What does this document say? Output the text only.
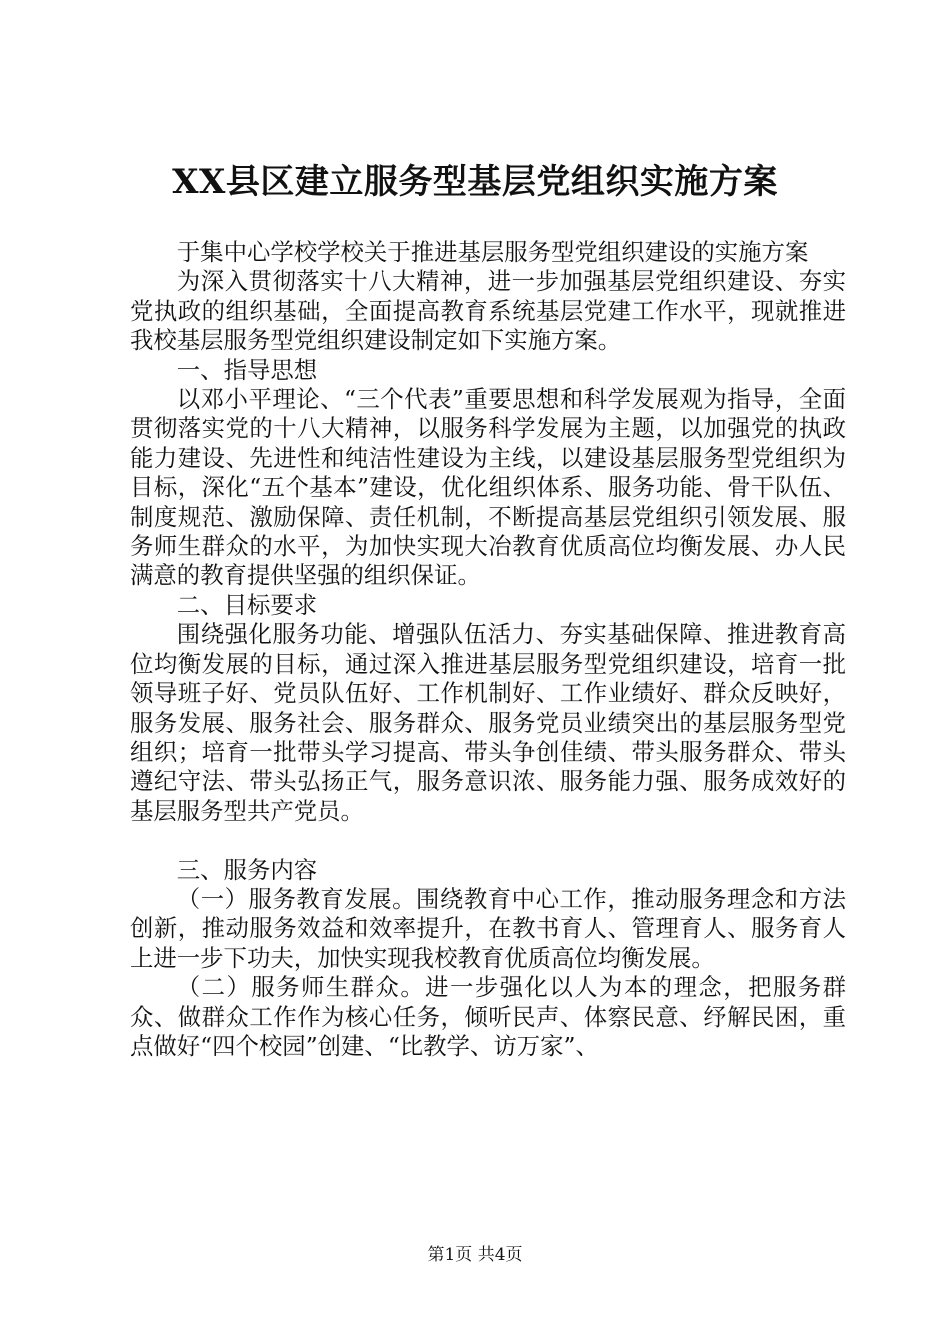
XX县区建立服务型基层党组织实施方案

于集中心学校学校关于推进基层服务型党组织建设的实施方案

为深入贯彻落实十八大精神，进一步加强基层党组织建设、夯实党执政的组织基础，全面提高教育系统基层党建工作水平，现就推进我校基层服务型党组织建设制定如下实施方案。

一、指导思想

以邓小平理论、“三个代表”重要思想和科学发展观为指导，全面贯彻落实党的十八大精神，以服务科学发展为主题，以加强党的执政能力建设、先进性和纯洁性建设为主线，以建设基层服务型党组织为目标，深化“五个基本”建设，优化组织体系、服务功能、骨干队伍、制度规范、激励保障、责任机制，不断提高基层党组织引领发展、服务师生群众的水平，为加快实现大冶教育优质高位均衡发展、办人民满意的教育提供坚强的组织保证。

二、目标要求

围绕强化服务功能、增强队伍活力、夯实基础保障、推进教育高位均衡发展的目标，通过深入推进基层服务型党组织建设，培育一批领导班子好、党员队伍好、工作机制好、工作业绩好、群众反映好，服务发展、服务社会、服务群众、服务党员业绩突出的基层服务型党组织；培育一批带头学习提高、带头争创佳绩、带头服务群众、带头遵纪守法、带头弘扬正气，服务意识浓、服务能力强、服务成效好的基层服务型共产党员。

三、服务内容

（一）服务教育发展。围绕教育中心工作，推动服务理念和方法创新，推动服务效益和效率提升，在教书育人、管理育人、服务育人上进一步下功夫，加快实现我校教育优质高位均衡发展。

（二）服务师生群众。进一步强化以人为本的理念，把服务群众、做群众工作作为核心任务，倾听民声、体察民意、纾解民困，重点做好“四个校园”创建、“比教学、访万家”、

第1页 共4页
